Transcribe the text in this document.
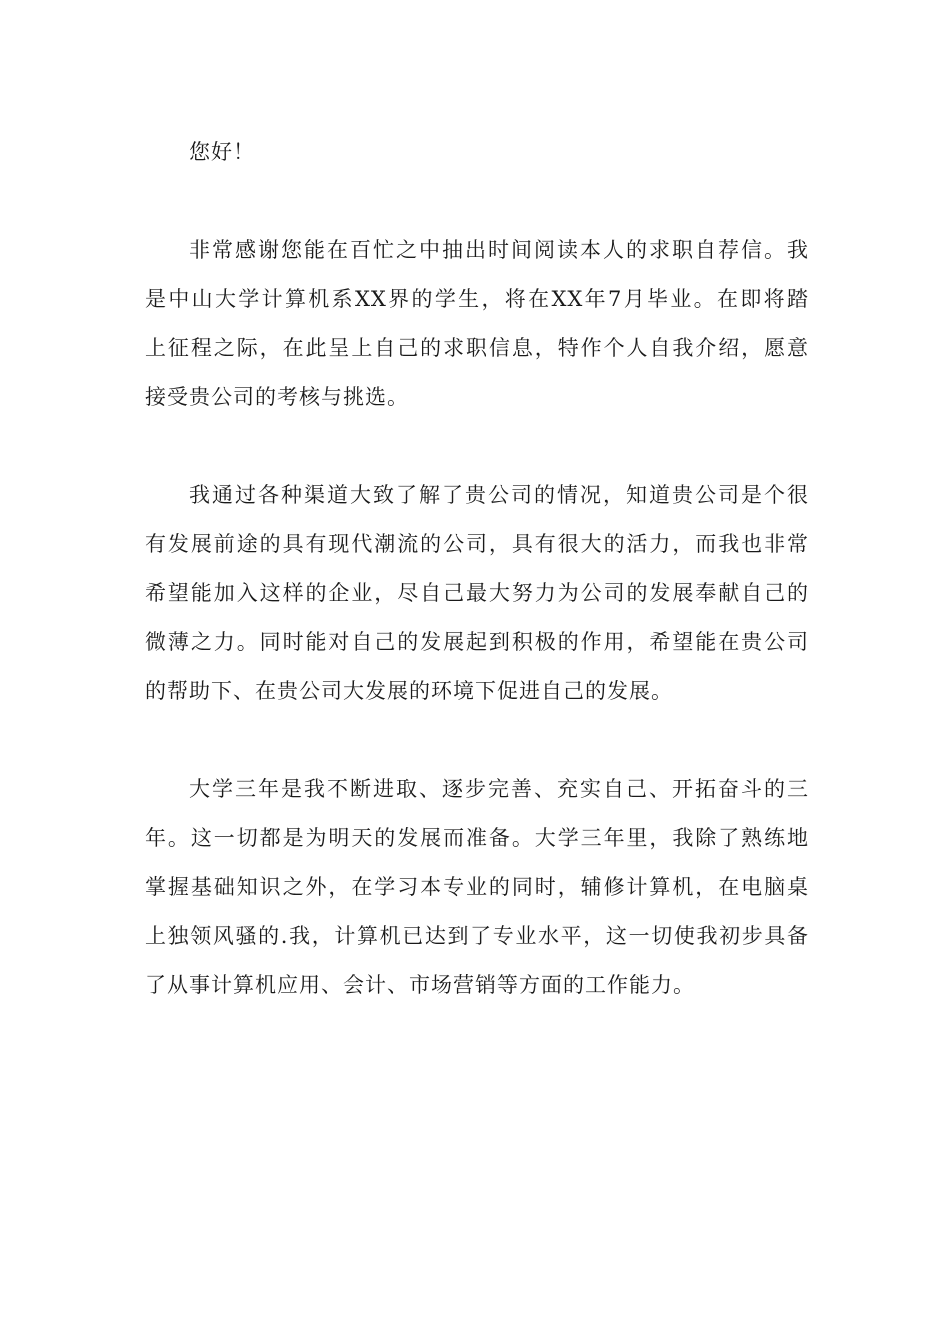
您好！
非常感谢您能在百忙之中抽出时间阅读本人的求职自荐信。我
是中山大学计算机系XX界的学生，将在XX年7月毕业。在即将踏
上征程之际，在此呈上自己的求职信息，特作个人自我介绍，愿意
接受贵公司的考核与挑选。
我通过各种渠道大致了解了贵公司的情况，知道贵公司是个很
有发展前途的具有现代潮流的公司，具有很大的活力，而我也非常
希望能加入这样的企业，尽自己最大努力为公司的发展奉献自己的
微薄之力。同时能对自己的发展起到积极的作用，希望能在贵公司
的帮助下、在贵公司大发展的环境下促进自己的发展。
大学三年是我不断进取、逐步完善、充实自己、开拓奋斗的三
年。这一切都是为明天的发展而准备。大学三年里，我除了熟练地
掌握基础知识之外，在学习本专业的同时，辅修计算机，在电脑桌
上独领风骚的.我，计算机已达到了专业水平，这一切使我初步具备
了从事计算机应用、会计、市场营销等方面的工作能力。
